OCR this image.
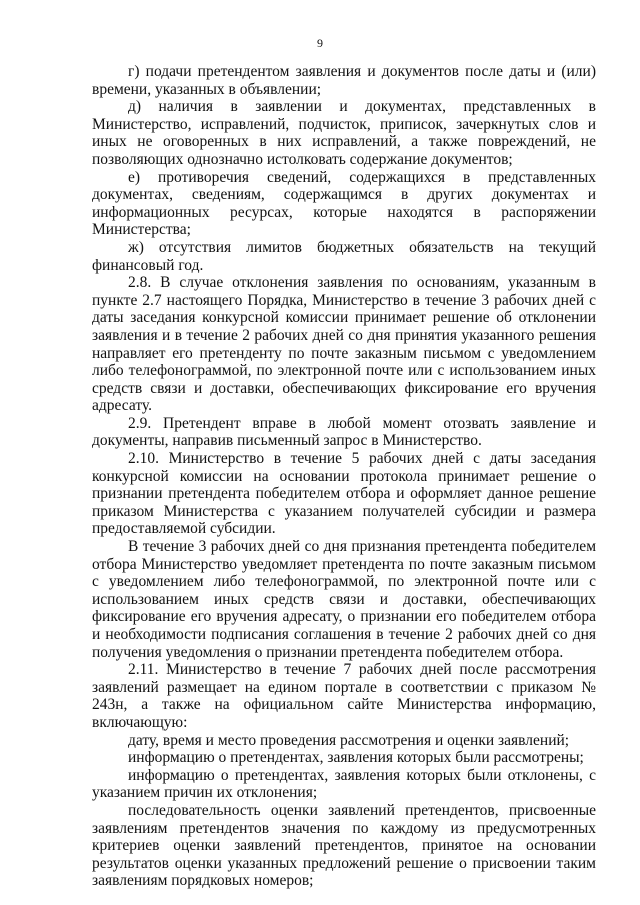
9

г) подачи претендентом заявления и документов после даты и (или) времени, указанных в объявлении;

д) наличия в заявлении и документах, представленных в Министерство, исправлений, подчисток, приписок, зачеркнутых слов и иных не оговоренных в них исправлений, а также повреждений, не позволяющих однозначно истолковать содержание документов;

е) противоречия сведений, содержащихся в представленных документах, сведениям, содержащимся в других документах и информационных ресурсах, которые находятся в распоряжении Министерства;

ж) отсутствия лимитов бюджетных обязательств на текущий финансовый год.

2.8. В случае отклонения заявления по основаниям, указанным в пункте 2.7 настоящего Порядка, Министерство в течение 3 рабочих дней с даты заседания конкурсной комиссии принимает решение об отклонении заявления и в течение 2 рабочих дней со дня принятия указанного решения направляет его претенденту по почте заказным письмом с уведомлением либо телефонограммой, по электронной почте или с использованием иных средств связи и доставки, обеспечивающих фиксирование его вручения адресату.

2.9. Претендент вправе в любой момент отозвать заявление и документы, направив письменный запрос в Министерство.

2.10. Министерство в течение 5 рабочих дней с даты заседания конкурсной комиссии на основании протокола принимает решение о признании претендента победителем отбора и оформляет данное решение приказом Министерства с указанием получателей субсидии и размера предоставляемой субсидии.

В течение 3 рабочих дней со дня признания претендента победителем отбора Министерство уведомляет претендента по почте заказным письмом с уведомлением либо телефонограммой, по электронной почте или с использованием иных средств связи и доставки, обеспечивающих фиксирование его вручения адресату, о признании его победителем отбора и необходимости подписания соглашения в течение 2 рабочих дней со дня получения уведомления о признании претендента победителем отбора.

2.11. Министерство в течение 7 рабочих дней после рассмотрения заявлений размещает на едином портале в соответствии с приказом № 243н, а также на официальном сайте Министерства информацию, включающую:

дату, время и место проведения рассмотрения и оценки заявлений;

информацию о претендентах, заявления которых были рассмотрены;

информацию о претендентах, заявления которых были отклонены, с указанием причин их отклонения;

последовательность оценки заявлений претендентов, присвоенные заявлениям претендентов значения по каждому из предусмотренных критериев оценки заявлений претендентов, принятое на основании результатов оценки указанных предложений решение о присвоении таким заявлениям порядковых номеров;
